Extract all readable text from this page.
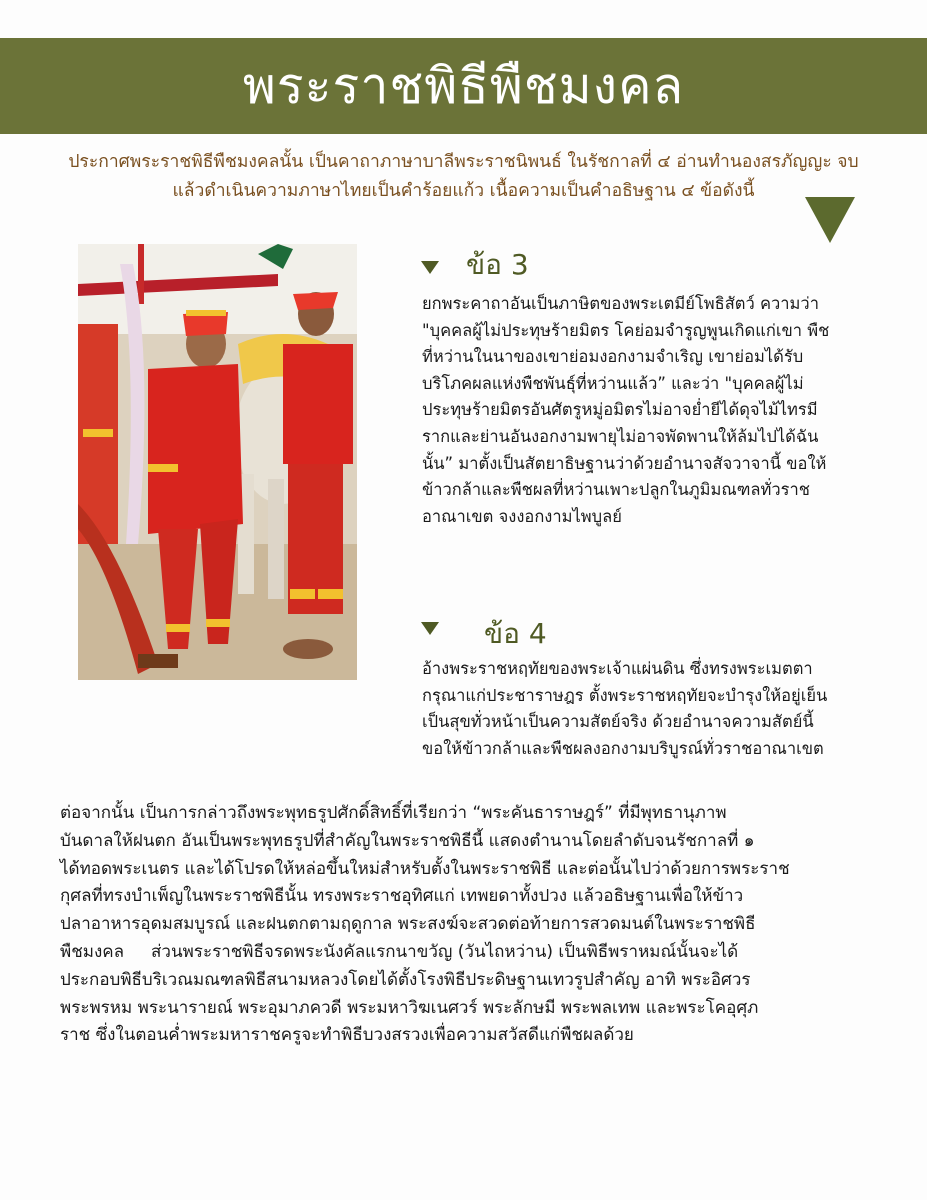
พระราชพิธีพืชมงคล
ประกาศพระราชพิธีพืชมงคลนั้น เป็นคาถาภาษาบาลีพระราชนิพนธ์ ในรัชกาลที่ ๔ อ่านทำนองสรภัญญะ จบ
แล้วดำเนินความภาษาไทยเป็นคำร้อยแก้ว เนื้อความเป็นคำอธิษฐาน ๔ ข้อดังนี้
ข้อ 3
ยกพระคาถาอันเป็นภาษิตของพระเตมีย์โพธิสัตว์ ความว่า
"บุคคลผู้ไม่ประทุษร้ายมิตร โคย่อมจำรูญพูนเกิดแก่เขา พืช
ที่หว่านในนาของเขาย่อมงอกงามจำเริญ เขาย่อมได้รับ
บริโภคผลแห่งพืชพันธุ์ที่หว่านแล้ว” และว่า "บุคคลผู้ไม่
ประทุษร้ายมิตรอันศัตรูหมู่อมิตรไม่อาจย่ำยีได้ดุจไม้ไทรมี
รากและย่านอันงอกงามพายุไม่อาจพัดพานให้ล้มไปได้ฉัน
นั้น” มาตั้งเป็นสัตยาธิษฐานว่าด้วยอำนาจสัจวาจานี้ ขอให้
ข้าวกล้าและพืชผลที่หว่านเพาะปลูกในภูมิมณฑลทั่วราช
อาณาเขต จงงอกงามไพบูลย์
ข้อ 4
อ้างพระราชหฤทัยของพระเจ้าแผ่นดิน ซึ่งทรงพระเมตตา
กรุณาแก่ประชาราษฎร ตั้งพระราชหฤทัยจะบำรุงให้อยู่เย็น
เป็นสุขทั่วหน้าเป็นความสัตย์จริง ด้วยอำนาจความสัตย์นี้
ขอให้ข้าวกล้าและพืชผลงอกงามบริบูรณ์ทั่วราชอาณาเขต
ต่อจากนั้น เป็นการกล่าวถึงพระพุทธรูปศักดิ์สิทธิ์ที่เรียกว่า “พระคันธาราษฎร์” ที่มีพุทธานุภาพ
บันดาลให้ฝนตก อันเป็นพระพุทธรูปที่สำคัญในพระราชพิธีนี้ แสดงตำนานโดยลำดับจนรัชกาลที่ ๑
ได้ทอดพระเนตร และได้โปรดให้หล่อขึ้นใหม่สำหรับตั้งในพระราชพิธี และต่อนั้นไปว่าด้วยการพระราช
กุศลที่ทรงบำเพ็ญในพระราชพิธีนั้น ทรงพระราชอุทิศแก่ เทพยดาทั้งปวง แล้วอธิษฐานเพื่อให้ข้าว
ปลาอาหารอุดมสมบูรณ์ และฝนตกตามฤดูกาล พระสงฆ์จะสวดต่อท้ายการสวดมนต์ในพระราชพิธี
พืชมงคล     ส่วนพระราชพิธีจรดพระนังคัลแรกนาขวัญ (วันไถหว่าน) เป็นพิธีพราหมณ์นั้นจะได้
ประกอบพิธีบริเวณมณฑลพิธีสนามหลวงโดยได้ตั้งโรงพิธีประดิษฐานเทวรูปสำคัญ อาทิ พระอิศวร
พระพรหม พระนารายณ์ พระอุมาภควดี พระมหาวิฆเนศวร์ พระลักษมี พระพลเทพ และพระโคอุศุภ
ราช ซึ่งในตอนค่ำพระมหาราชครูจะทำพิธีบวงสรวงเพื่อความสวัสดีแก่พืชผลด้วย
